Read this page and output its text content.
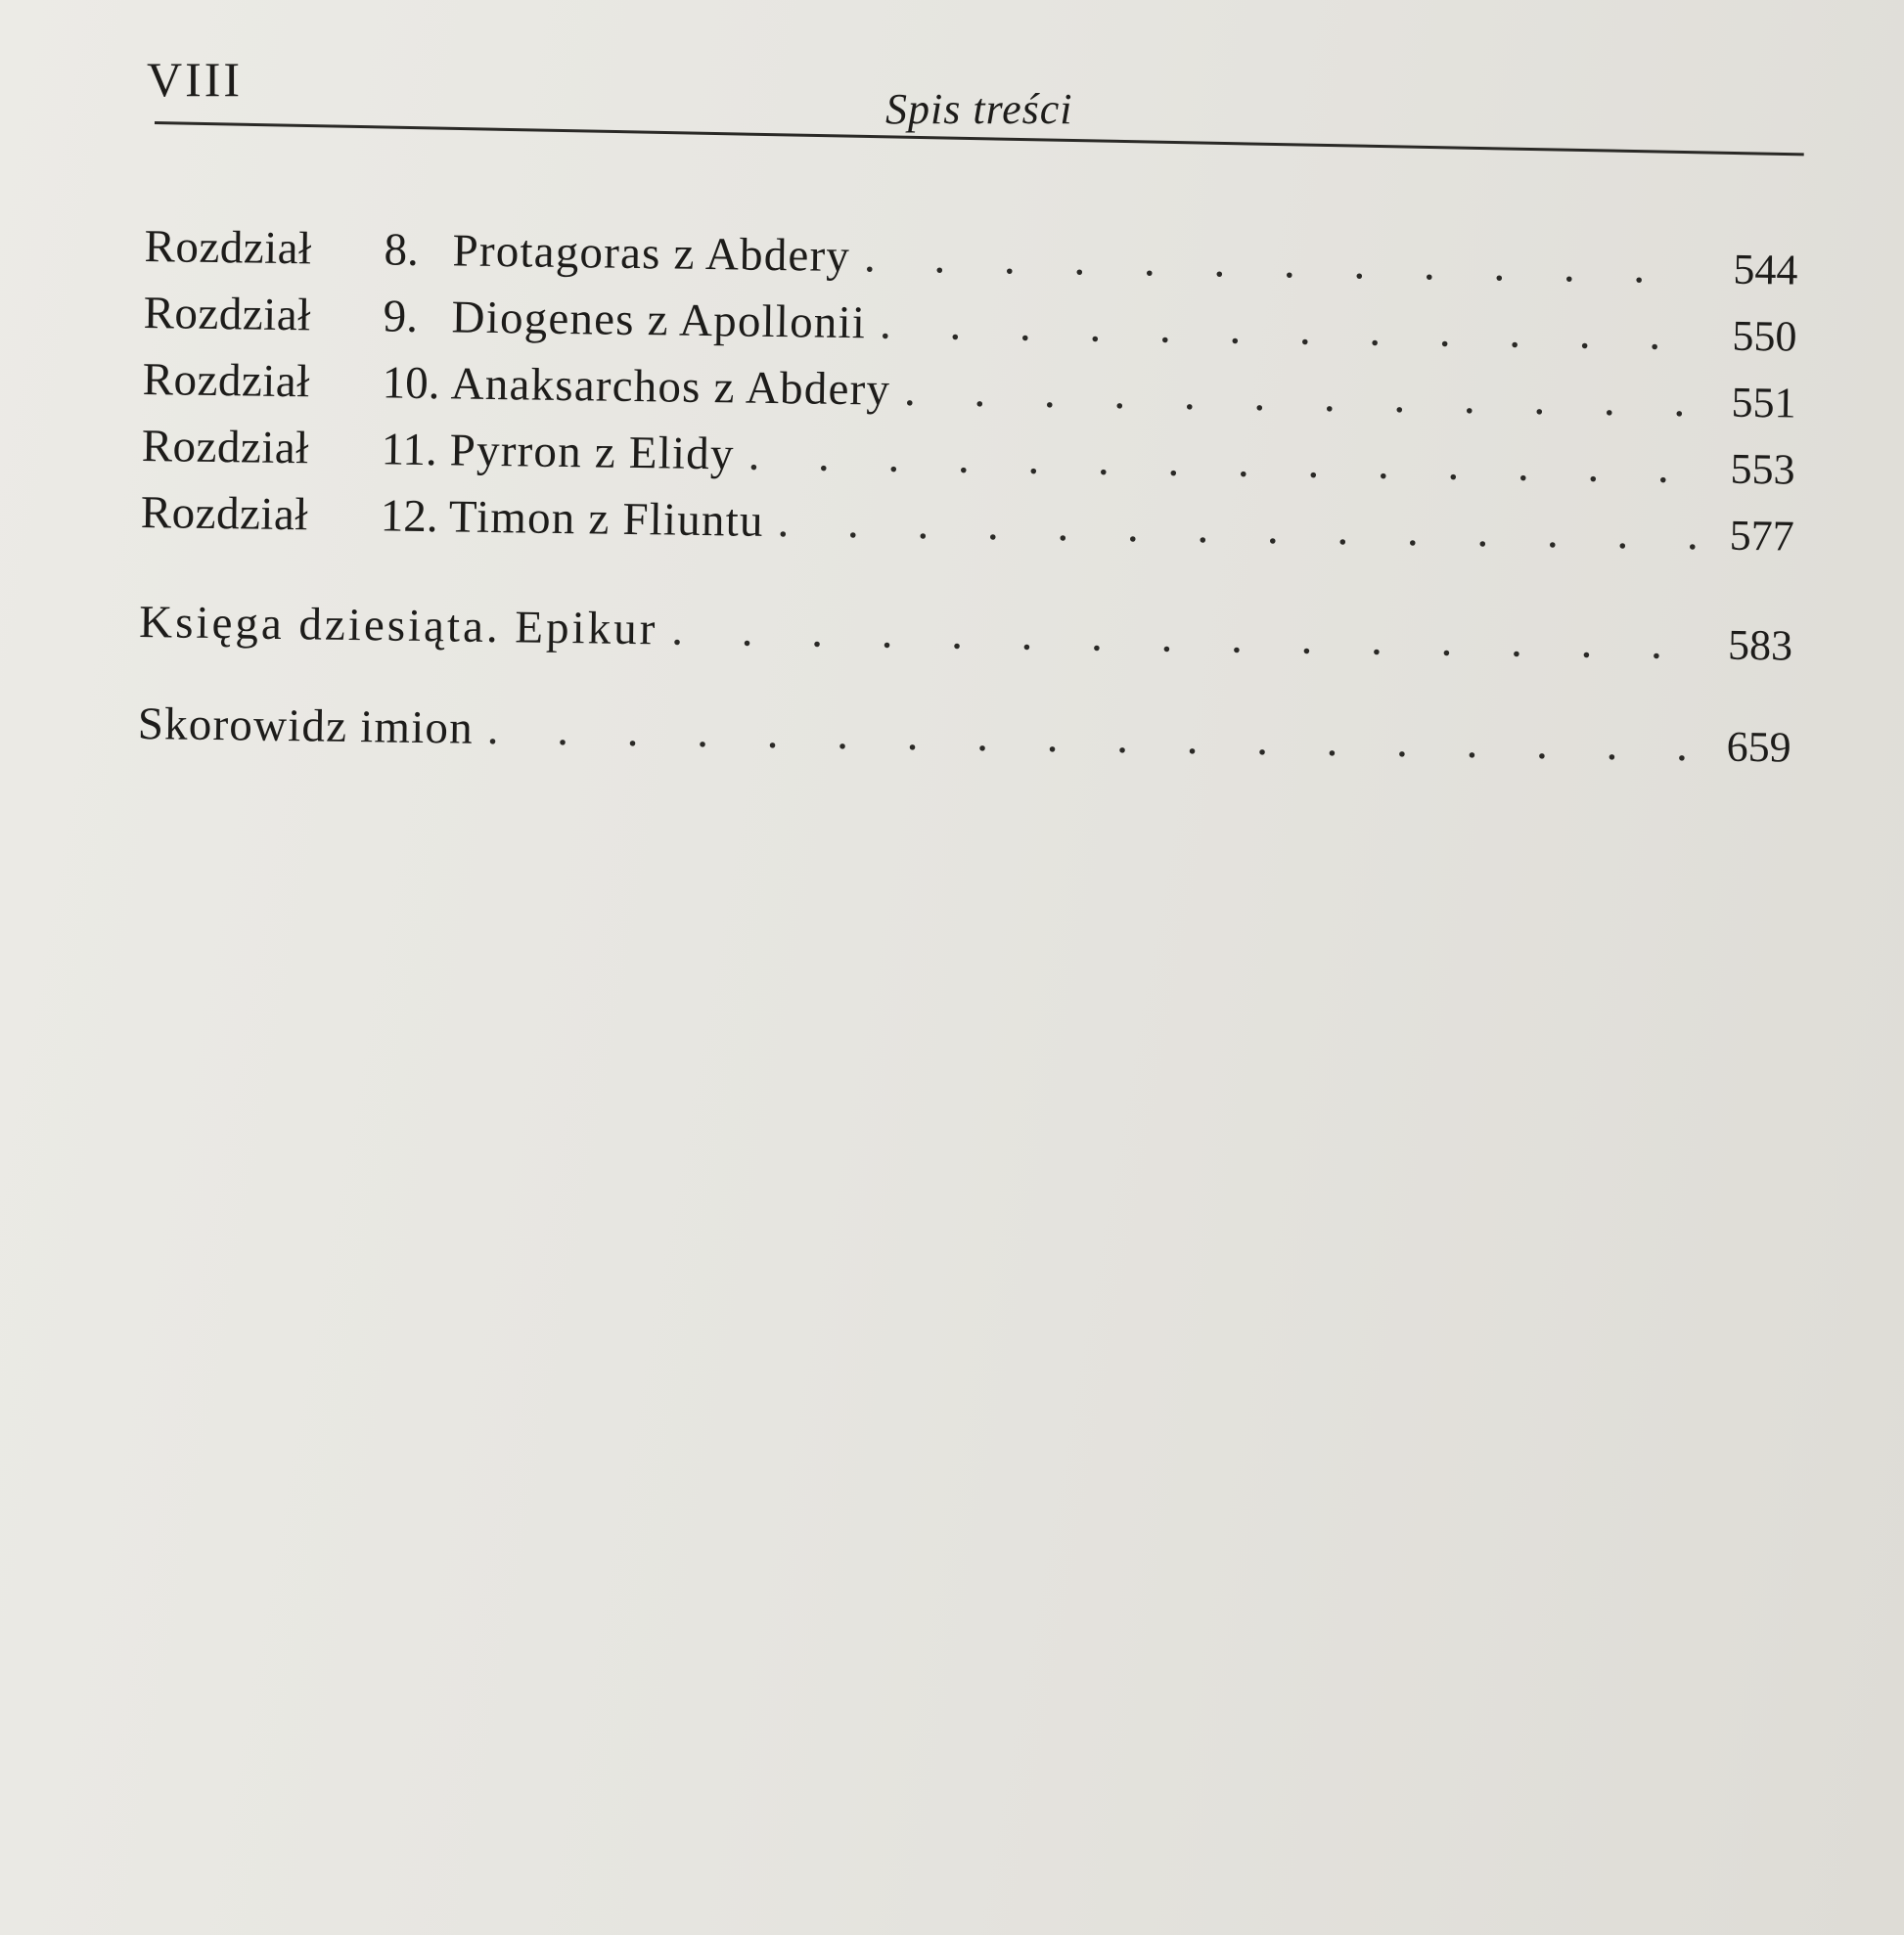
VIII
Spis treści
Rozdział 8. Protagoras z Abdery . . .	544
Rozdział 9. Diogenes z Apollonii . . .	550
Rozdział 10. Anaksarchos z Abdery . . .	551
Rozdział 11. Pyrron z Elidy . . .	553
Rozdział 12. Timon z Fliuntu . . .	577
Księga dziesiąta. Epikur . . .	583
Skorowidz imion . . .	659
